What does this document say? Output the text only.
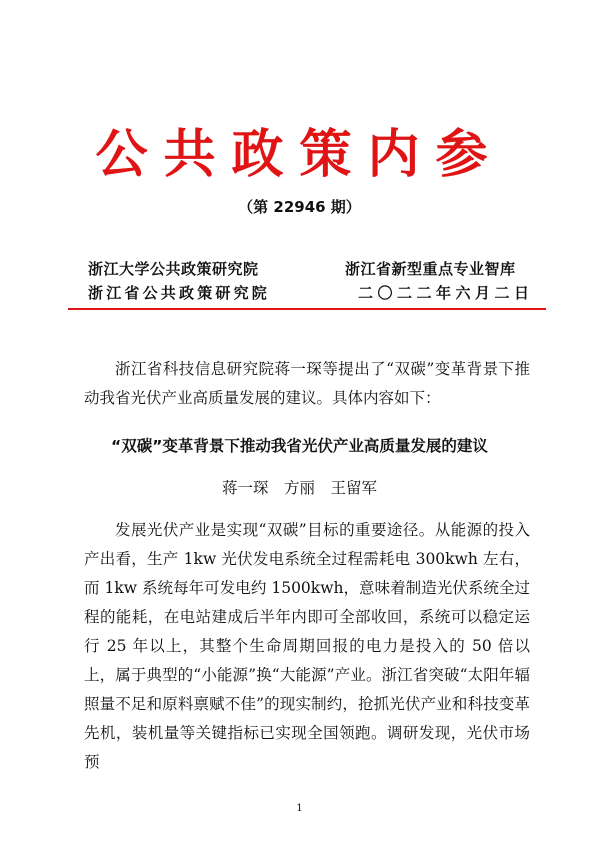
公共政策内参
（第 22946 期）
浙江大学公共政策研究院
浙江省公共政策研究院
浙江省新型重点专业智库
二〇二二年六月二日

浙江省科技信息研究院蒋一琛等提出了“双碳”变革背景下推动我省光伏产业高质量发展的建议。具体内容如下：

“双碳”变革背景下推动我省光伏产业高质量发展的建议
蒋一琛　方丽　王留军

发展光伏产业是实现“双碳”目标的重要途径。从能源的投入产出看，生产 1kw 光伏发电系统全过程需耗电 300kwh 左右，而 1kw 系统每年可发电约 1500kwh，意味着制造光伏系统全过程的能耗，在电站建成后半年内即可全部收回，系统可以稳定运行 25 年以上，其整个生命周期回报的电力是投入的 50 倍以上，属于典型的“小能源”换“大能源”产业。浙江省突破“太阳年辐照量不足和原料禀赋不佳”的现实制约，抢抓光伏产业和科技变革先机，装机量等关键指标已实现全国领跑。调研发现，光伏市场预

1
